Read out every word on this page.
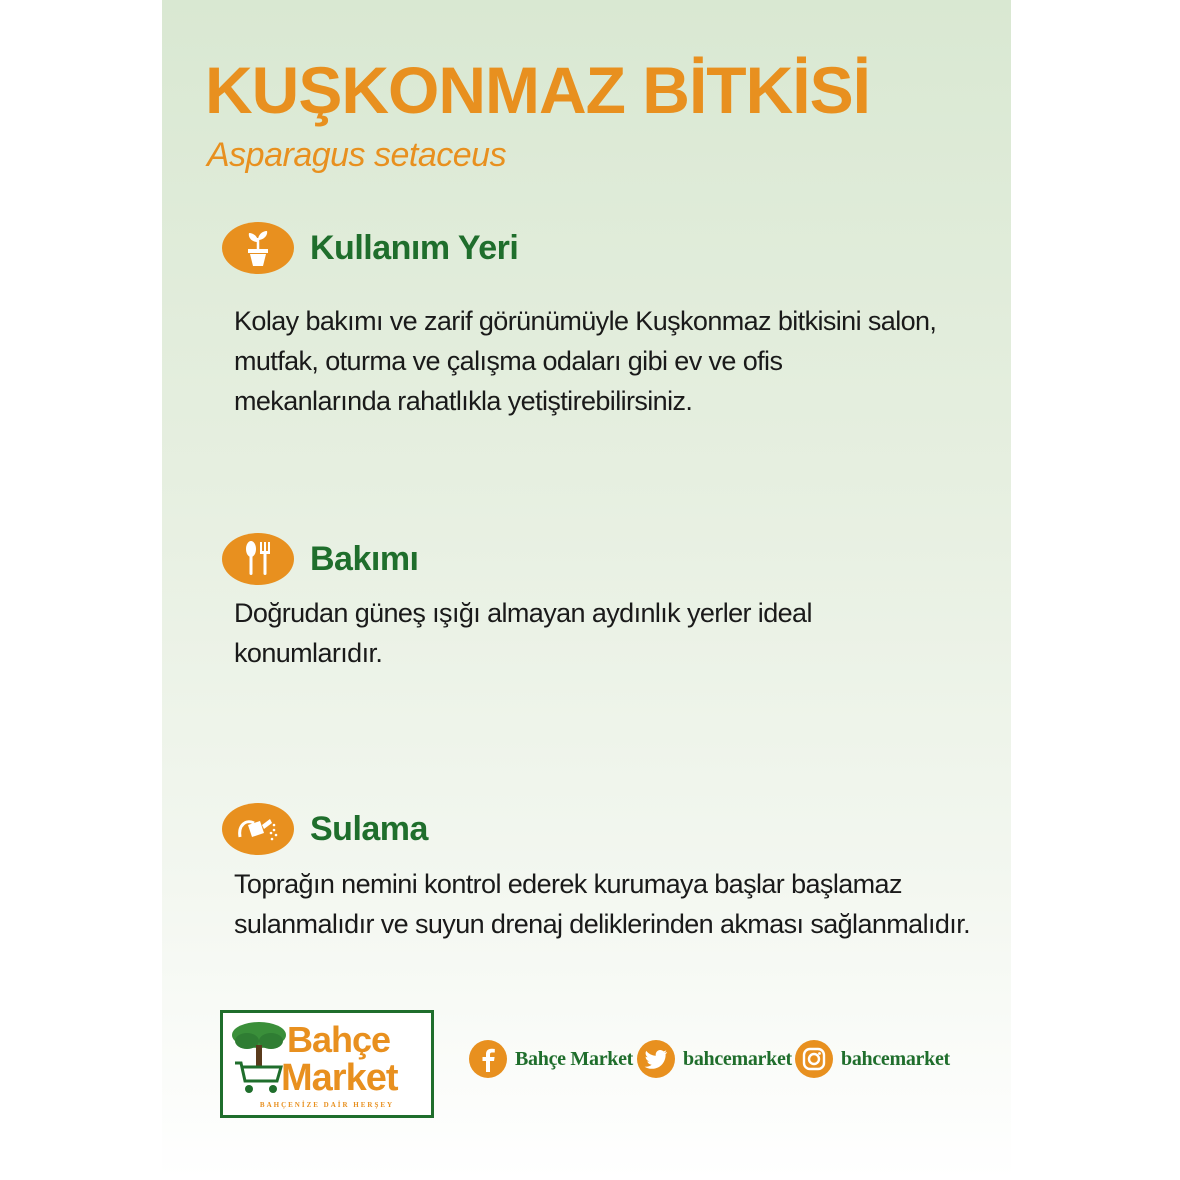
KUŞKONMAZ BİTKİSİ
Asparagus setaceus
Kullanım Yeri
Kolay bakımı ve zarif görünümüyle Kuşkonmaz bitkisini salon,
mutfak, oturma ve çalışma odaları gibi ev ve ofis
mekanlarında rahatlıkla yetiştirebilirsiniz.
Bakımı
Doğrudan güneş ışığı almayan aydınlık yerler ideal
konumlarıdır.
Sulama
Toprağın nemini kontrol ederek kurumaya başlar başlamaz
sulanmalıdır ve suyun drenaj deliklerinden akması sağlanmalıdır.
Bahçe
Market
BAHÇENİZE DAİR HERŞEY
Bahçe Market bahcemarket bahcemarket
